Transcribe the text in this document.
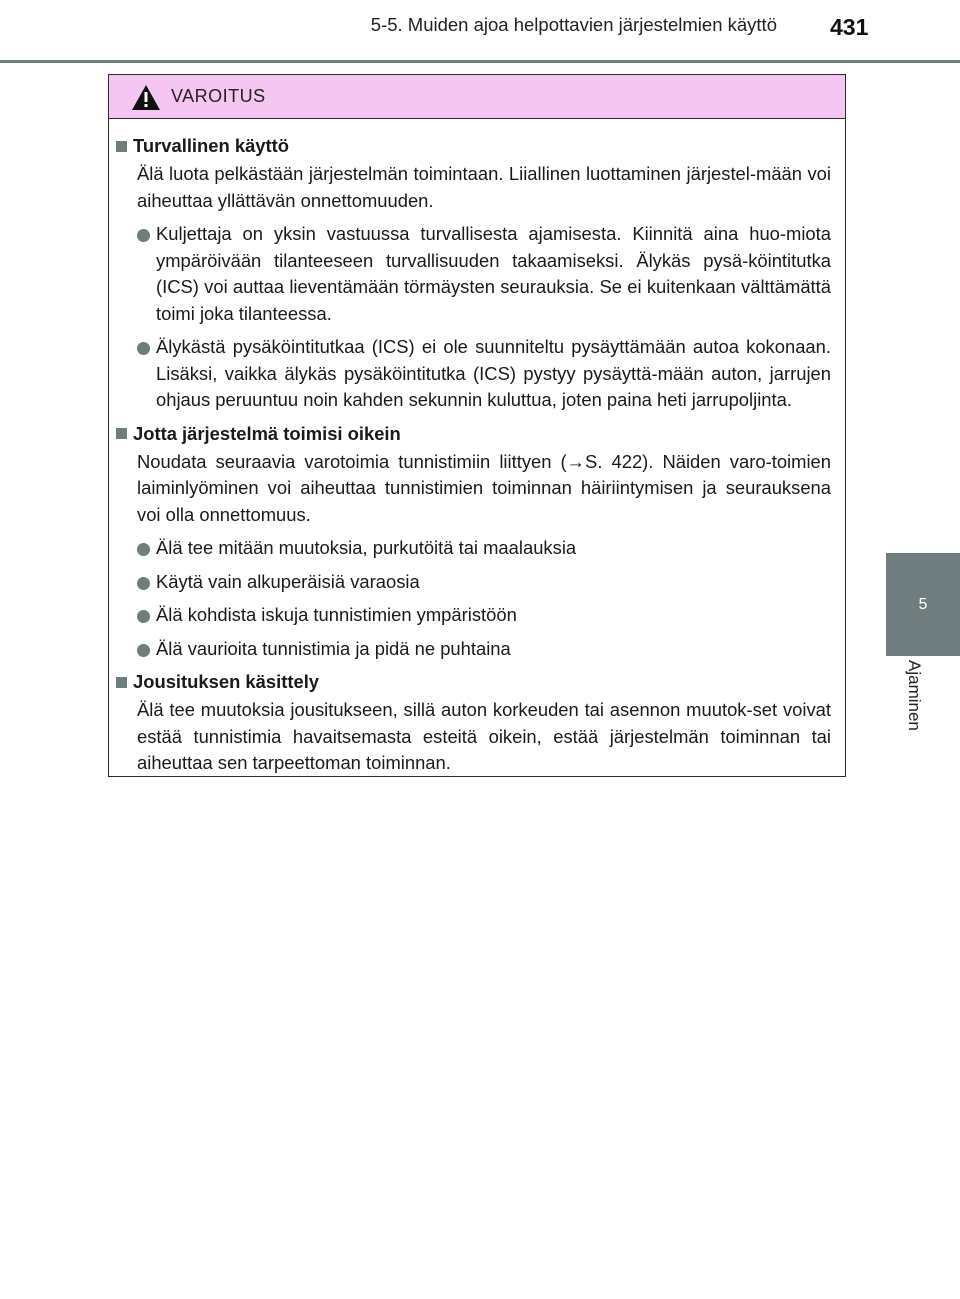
5-5. Muiden ajoa helpottavien järjestelmien käyttö 431
5
Ajaminen
VAROITUS
Turvallinen käyttö
Älä luota pelkästään järjestelmän toimintaan. Liiallinen luottaminen järjestel-mään voi aiheuttaa yllättävän onnettomuuden.
Kuljettaja on yksin vastuussa turvallisesta ajamisesta. Kiinnitä aina huo-miota ympäröivään tilanteeseen turvallisuuden takaamiseksi. Älykäs pysä-köintitutka (ICS) voi auttaa lieventämään törmäysten seurauksia. Se ei kuitenkaan välttämättä toimi joka tilanteessa.
Älykästä pysäköintitutkaa (ICS) ei ole suunniteltu pysäyttämään autoa kokonaan. Lisäksi, vaikka älykäs pysäköintitutka (ICS) pystyy pysäyttä-mään auton, jarrujen ohjaus peruuntuu noin kahden sekunnin kuluttua, joten paina heti jarrupoljinta.
Jotta järjestelmä toimisi oikein
Noudata seuraavia varotoimia tunnistimiin liittyen (→S. 422). Näiden varo-toimien laiminlyöminen voi aiheuttaa tunnistimien toiminnan häiriintymisen ja seurauksena voi olla onnettomuus.
Älä tee mitään muutoksia, purkutöitä tai maalauksia
Käytä vain alkuperäisiä varaosia
Älä kohdista iskuja tunnistimien ympäristöön
Älä vaurioita tunnistimia ja pidä ne puhtaina
Jousituksen käsittely
Älä tee muutoksia jousitukseen, sillä auton korkeuden tai asennon muutok-set voivat estää tunnistimia havaitsemasta esteitä oikein, estää järjestelmän toiminnan tai aiheuttaa sen tarpeettoman toiminnan.
